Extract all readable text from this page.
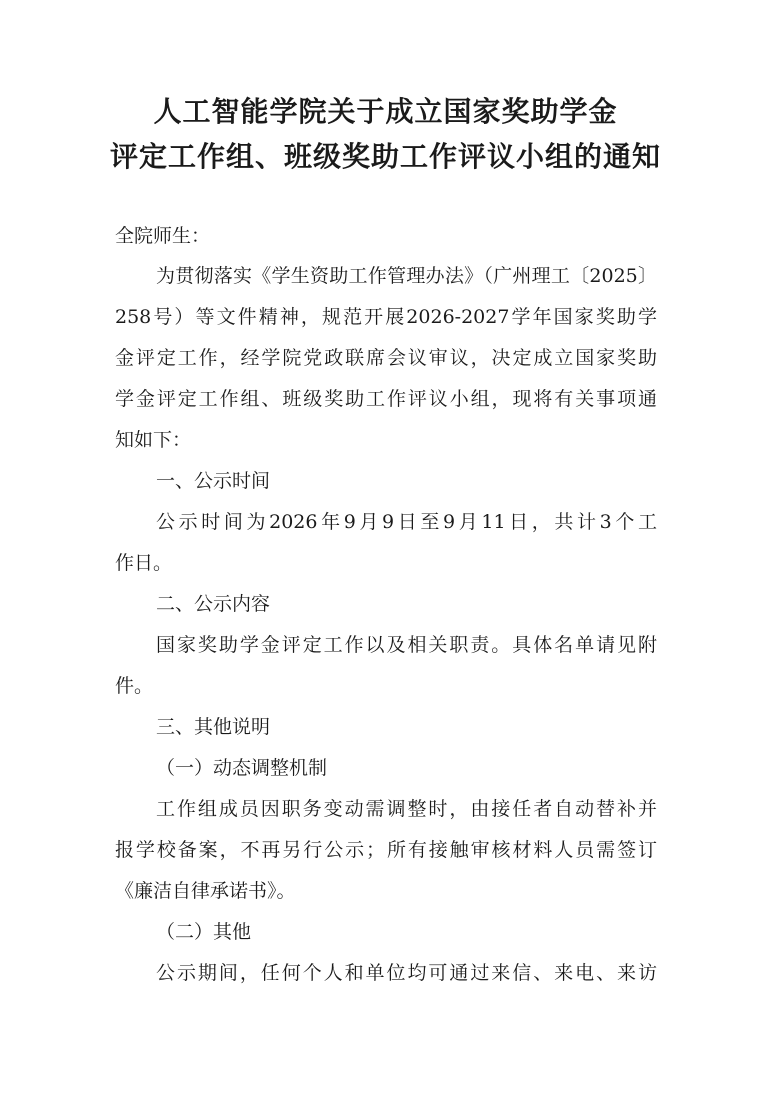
人工智能学院关于成立国家奖助学金
评定工作组、班级奖助工作评议小组的通知

全院师生：

为贯彻落实《学生资助工作管理办法》（广州理工〔2025〕

258号）等文件精神，规范开展2026-2027学年国家奖助学

金评定工作，经学院党政联席会议审议，决定成立国家奖助

学金评定工作组、班级奖助工作评议小组，现将有关事项通

知如下：

一、公示时间

公示时间为2026年9月9日至9月11日，共计3个工

作日。

二、公示内容

国家奖助学金评定工作以及相关职责。具体名单请见附

件。

三、其他说明

（一）动态调整机制

工作组成员因职务变动需调整时，由接任者自动替补并

报学校备案，不再另行公示；所有接触审核材料人员需签订

《廉洁自律承诺书》。

（二）其他

公示期间，任何个人和单位均可通过来信、来电、来访
